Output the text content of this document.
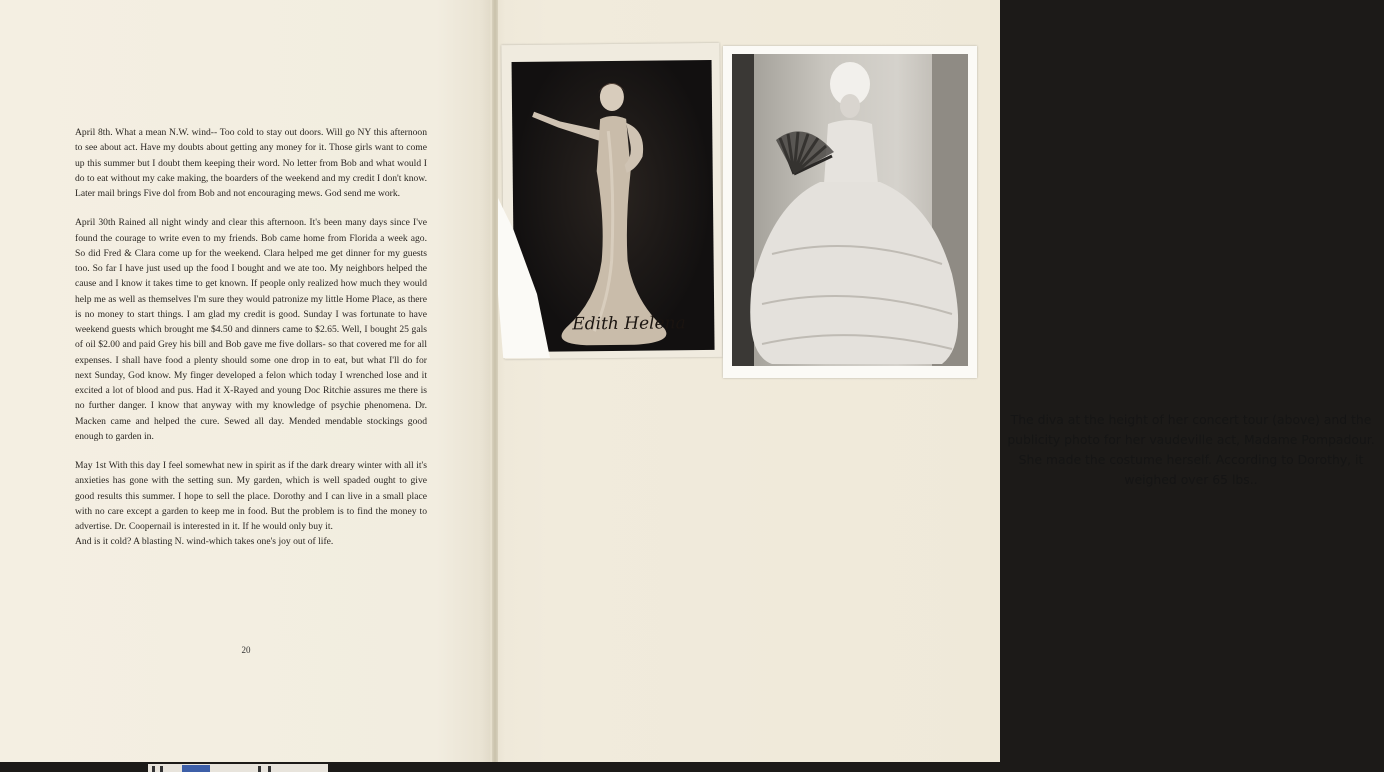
April 8th. What a mean N.W. wind-- Too cold to stay out doors. Will go NY this afternoon to see about act. Have my doubts about getting any money for it. Those girls want to come up this summer but I doubt them keeping their word. No letter from Bob and what would I do to eat without my cake making, the boarders of the weekend and my credit I don't know. Later mail brings Five dol from Bob and not encouraging mews. God send me work.
April 30th Rained all night windy and clear this afternoon. It's been many days since I've found the courage to write even to my friends. Bob came home from Florida a week ago. So did Fred & Clara come up for the weekend. Clara helped me get dinner for my guests too. So far I have just used up the food I bought and we ate too. My neighbors helped the cause and I know it takes time to get known. If people only realized how much they would help me as well as themselves I'm sure they would patronize my little Home Place, as there is no money to start things. I am glad my credit is good. Sunday I was fortunate to have weekend guests which brought me $4.50 and dinners came to $2.65. Well, I bought 25 gals of oil $2.00 and paid Grey his bill and Bob gave me five dollars- so that covered me for all expenses. I shall have food a plenty should some one drop in to eat, but what I'll do for next Sunday, God know. My finger developed a felon which today I wrenched lose and it excited a lot of blood and pus. Had it X-Rayed and young Doc Ritchie assures me there is no further danger. I know that anyway with my knowledge of psychie phenomena. Dr. Macken came and helped the cure. Sewed all day. Mended mendable stockings good enough to garden in.

May 1st With this day I feel somewhat new in spirit as if the dark dreary winter with all it's anxieties has gone with the setting sun. My garden, which is well spaded ought to give good results this summer. I hope to sell the place. Dorothy and I can live in a small place with no care except a garden to keep me in food. But the problem is to find the money to advertise. Dr. Coopernail is interested in it. If he would only buy it.

And is it cold? A blasting N. wind-which takes one's joy out of life.

20
The diva at the height of her concert tour (above) and the publicity photo for her vaudeville act, Madame Pompadour. She made the costume herself. According to Dorothy, it weighed over 65 lbs..
Edith Helena
